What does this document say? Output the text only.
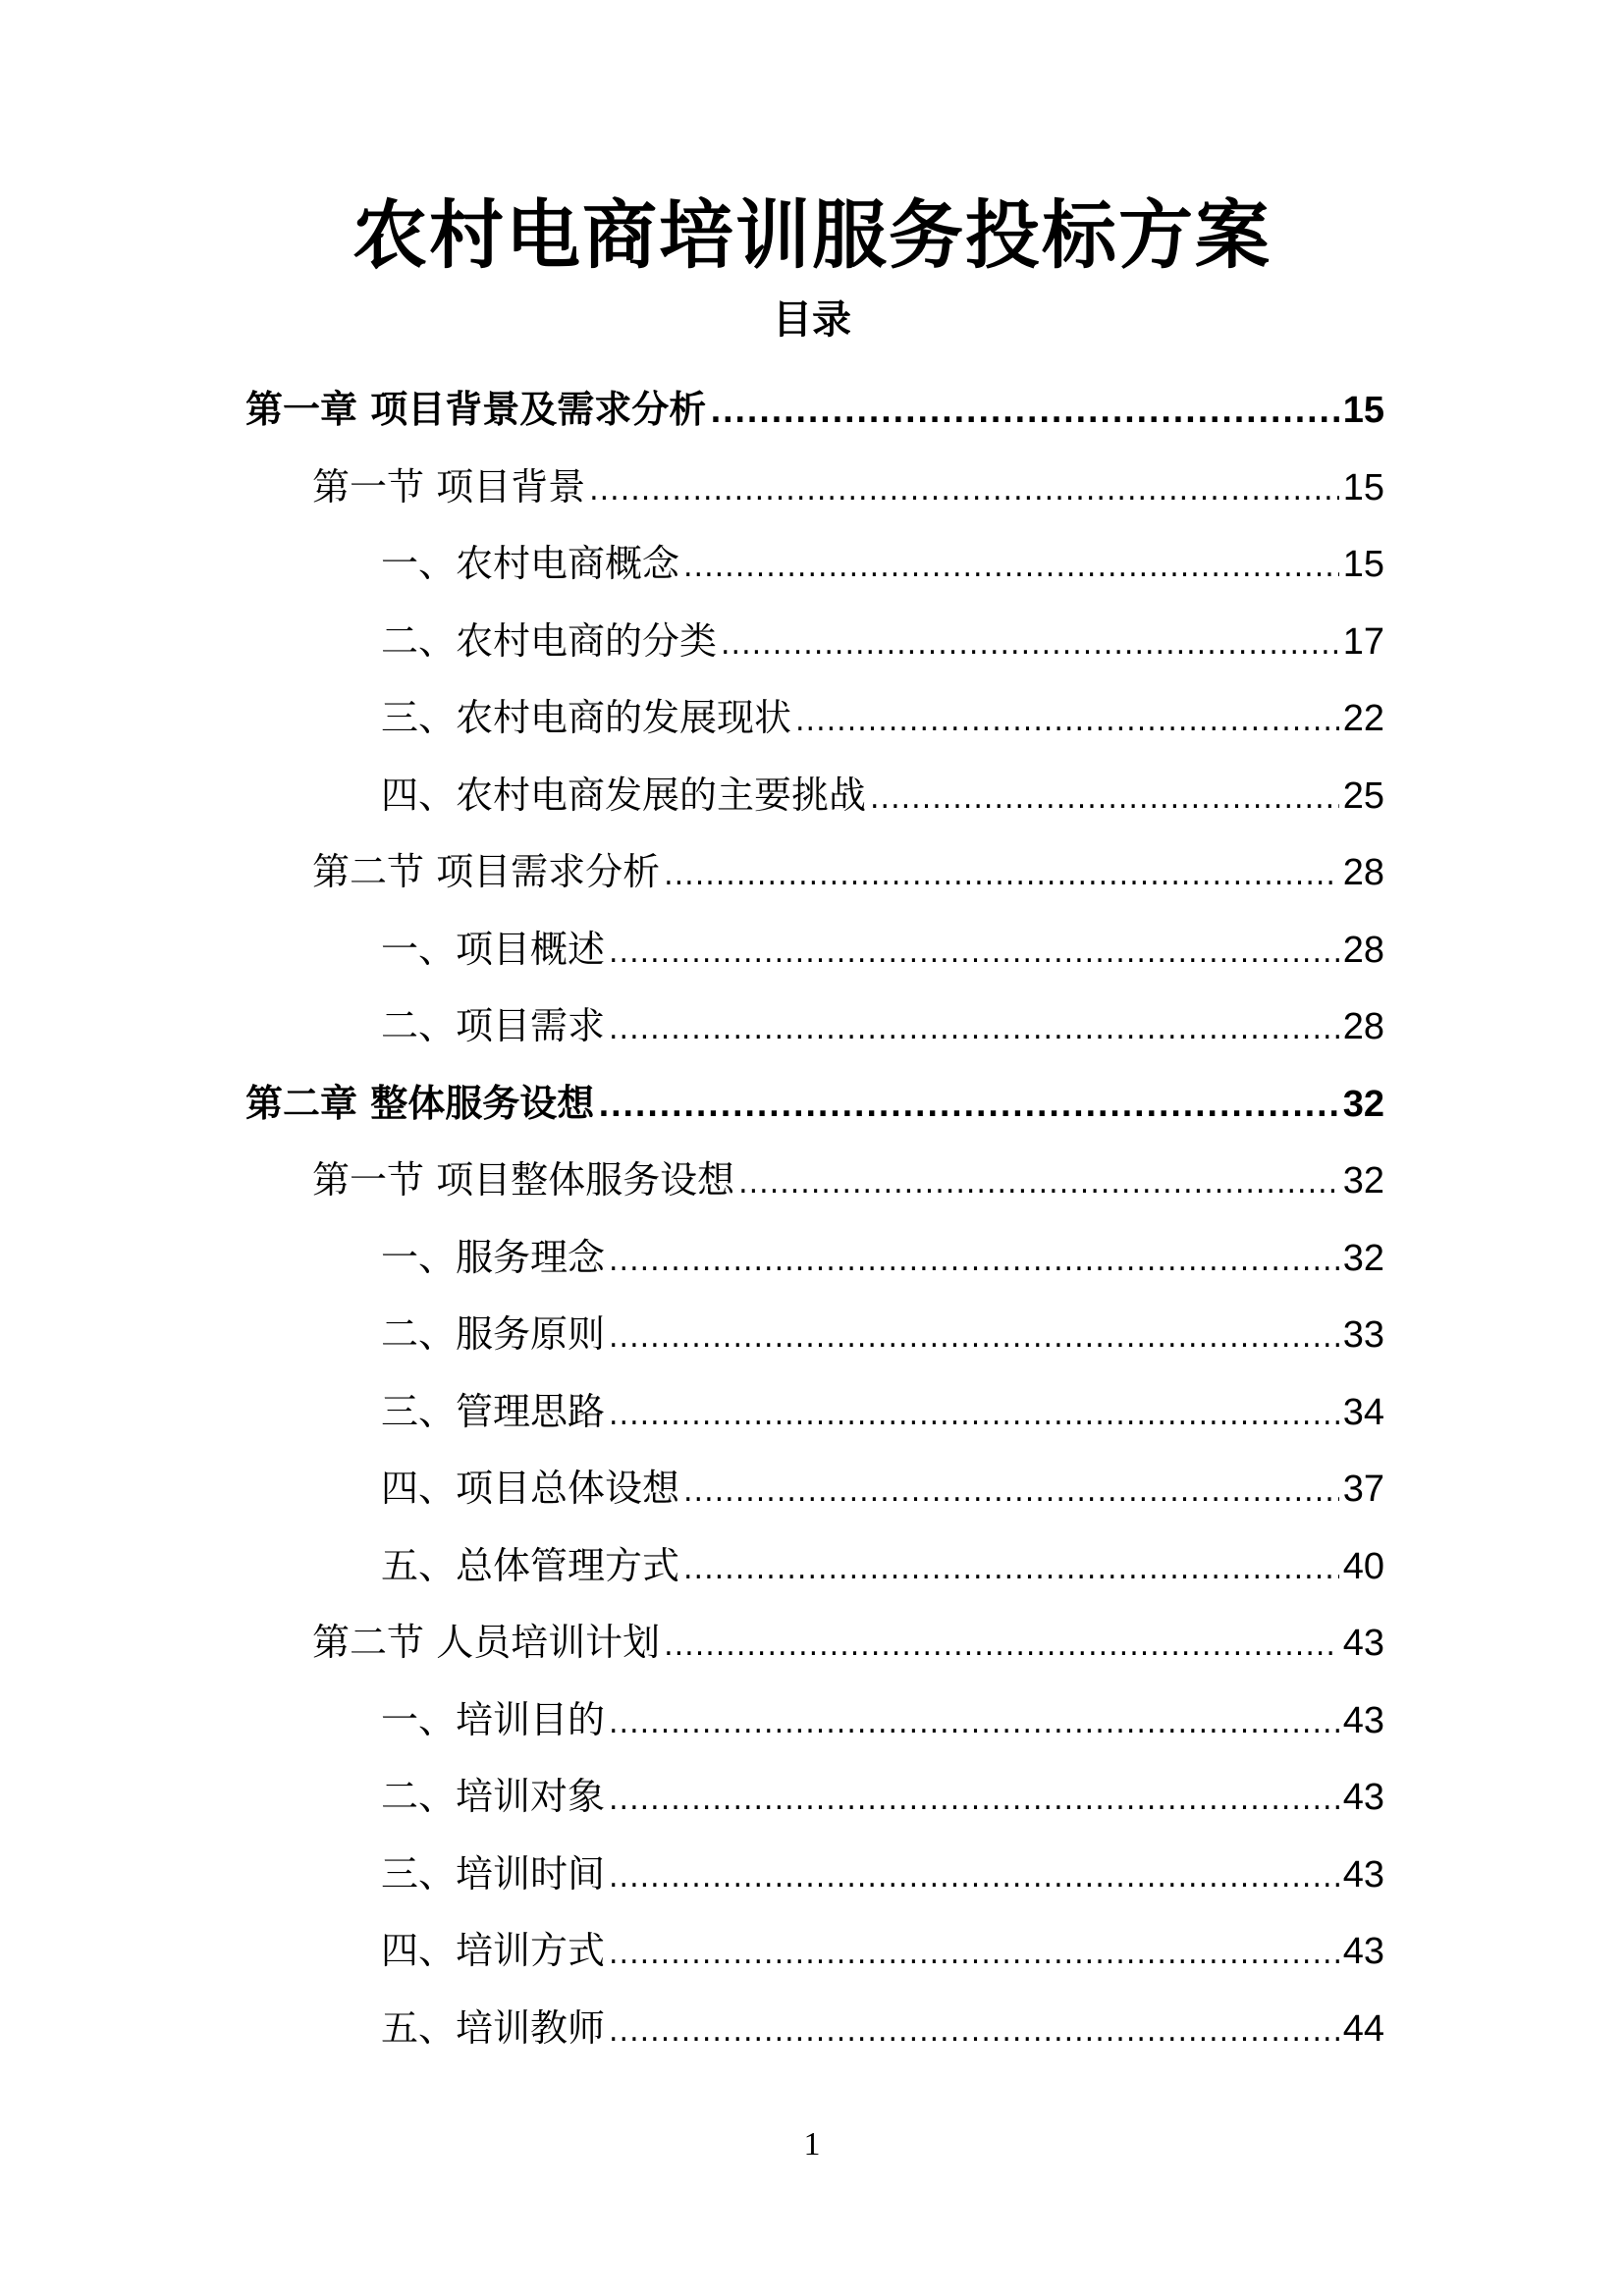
农村电商培训服务投标方案
目录
第一章 项目背景及需求分析 .....	15
第一节 项目背景 .....	15
一、农村电商概念 .....	15
二、农村电商的分类 .....	17
三、农村电商的发展现状 .....	22
四、农村电商发展的主要挑战 .....	25
第二节 项目需求分析 .....	28
一、项目概述 .....	28
二、项目需求 .....	28
第二章 整体服务设想 .....	32
第一节 项目整体服务设想 .....	32
一、服务理念 .....	32
二、服务原则 .....	33
三、管理思路 .....	34
四、项目总体设想 .....	37
五、总体管理方式 .....	40
第二节 人员培训计划 .....	43
一、培训目的 .....	43
二、培训对象 .....	43
三、培训时间 .....	43
四、培训方式 .....	43
五、培训教师 .....	44
1
